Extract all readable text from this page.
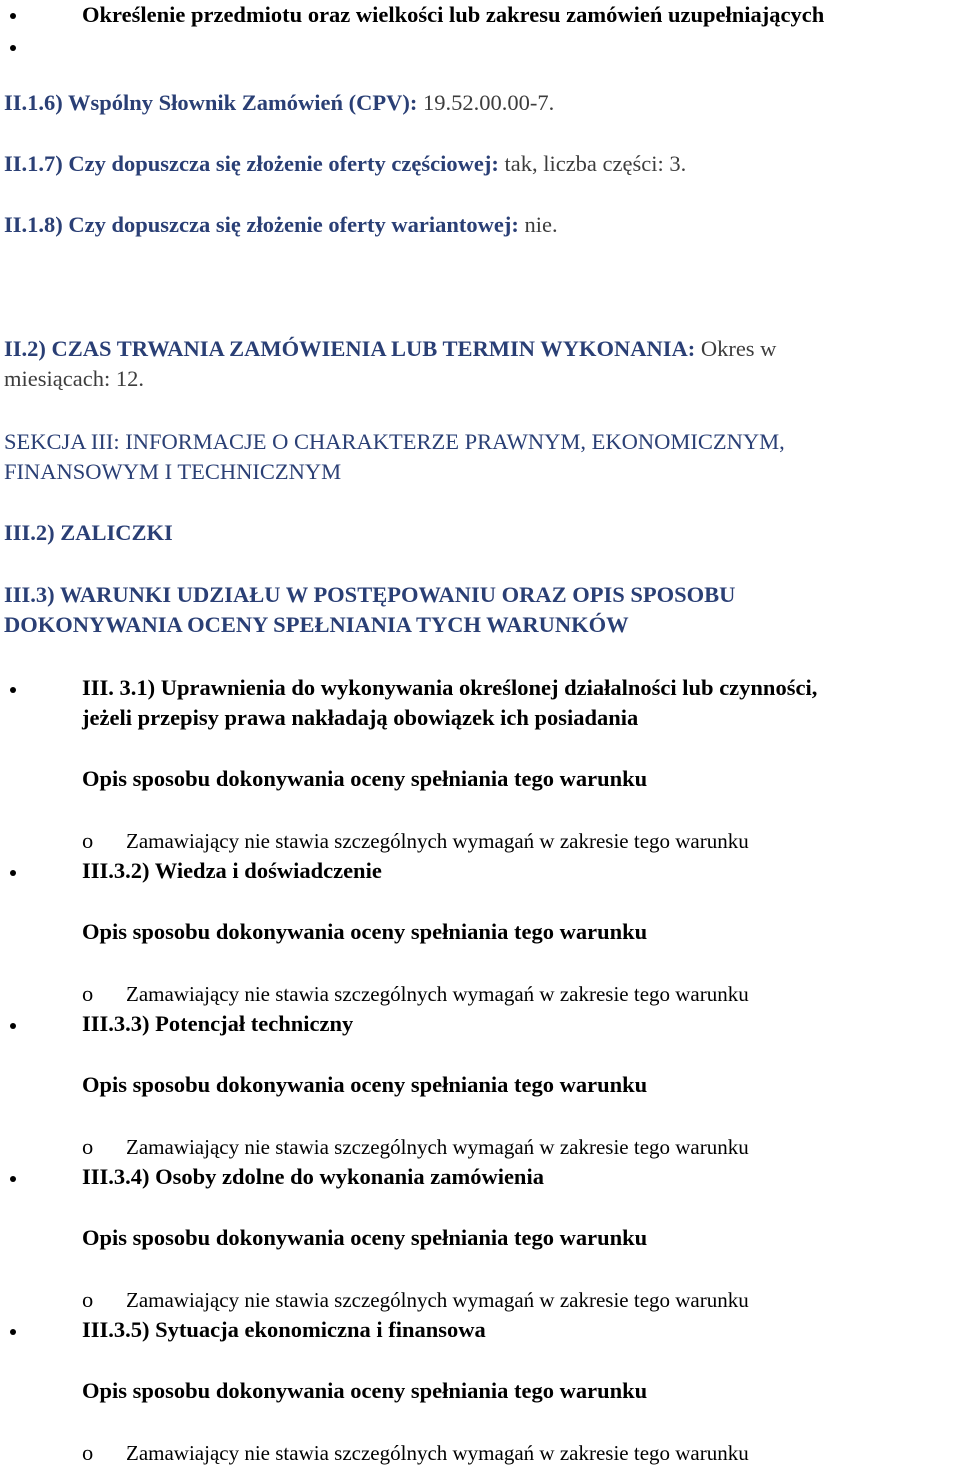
Określenie przedmiotu oraz wielkości lub zakresu zamówień uzupełniających
II.1.6) Wspólny Słownik Zamówień (CPV): 19.52.00.00-7.
II.1.7) Czy dopuszcza się złożenie oferty częściowej: tak, liczba części: 3.
II.1.8) Czy dopuszcza się złożenie oferty wariantowej: nie.
II.2) CZAS TRWANIA ZAMÓWIENIA LUB TERMIN WYKONANIA: Okres w
miesiącach: 12.
SEKCJA III: INFORMACJE O CHARAKTERZE PRAWNYM, EKONOMICZNYM,
FINANSOWYM I TECHNICZNYM
III.2) ZALICZKI
III.3) WARUNKI UDZIAŁU W POSTĘPOWANIU ORAZ OPIS SPOSOBU
DOKONYWANIA OCENY SPEŁNIANIA TYCH WARUNKÓW
III. 3.1) Uprawnienia do wykonywania określonej działalności lub czynności,
jeżeli przepisy prawa nakładają obowiązek ich posiadania
Opis sposobu dokonywania oceny spełniania tego warunku
o	Zamawiający nie stawia szczególnych wymagań w zakresie tego warunku
III.3.2) Wiedza i doświadczenie
Opis sposobu dokonywania oceny spełniania tego warunku
o	Zamawiający nie stawia szczególnych wymagań w zakresie tego warunku
III.3.3) Potencjał techniczny
Opis sposobu dokonywania oceny spełniania tego warunku
o	Zamawiający nie stawia szczególnych wymagań w zakresie tego warunku
III.3.4) Osoby zdolne do wykonania zamówienia
Opis sposobu dokonywania oceny spełniania tego warunku
o	Zamawiający nie stawia szczególnych wymagań w zakresie tego warunku
III.3.5) Sytuacja ekonomiczna i finansowa
Opis sposobu dokonywania oceny spełniania tego warunku
o	Zamawiający nie stawia szczególnych wymagań w zakresie tego warunku
